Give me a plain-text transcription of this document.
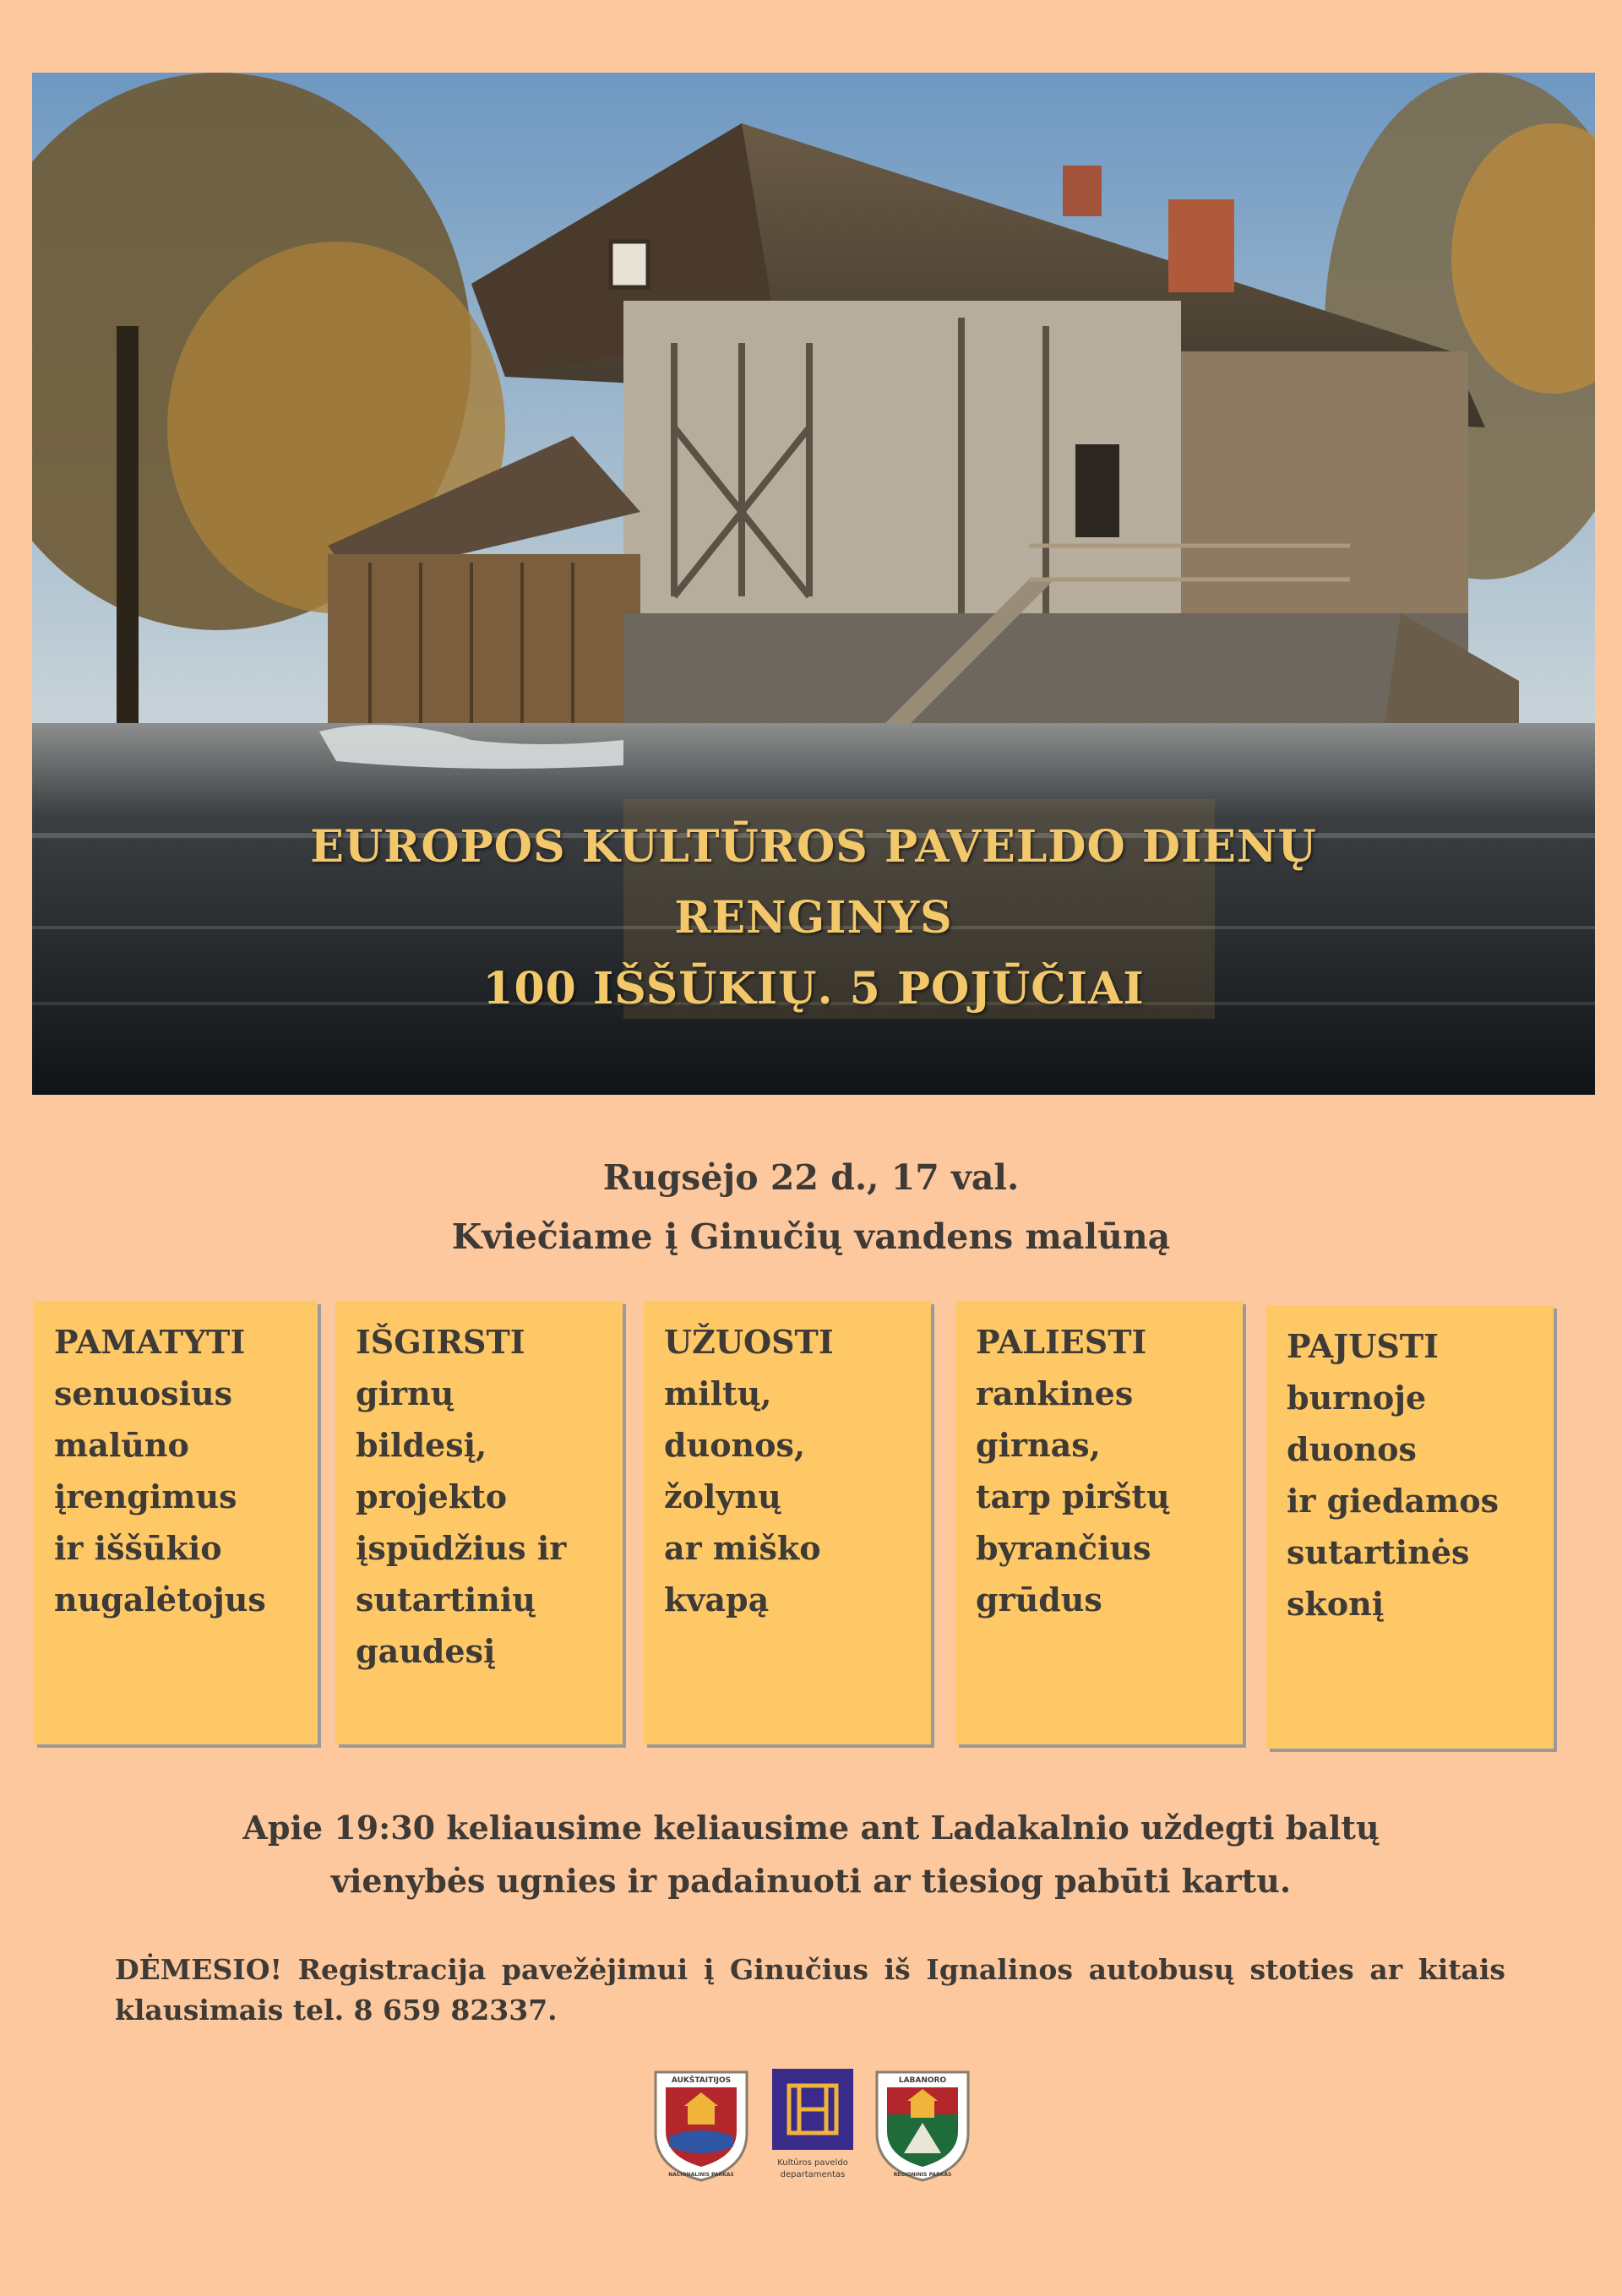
EUROPOS KULTŪROS PAVELDO DIENŲ
RENGINYS
100 IŠŠŪKIŲ. 5 POJŪČIAI
Rugsėjo 22 d., 17 val.
Kviečiame į Ginučių vandens malūną
PAMATYTI
senuosius
malūno
įrengimus
ir iššūkio
nugalėtojus
IŠGIRSTI
girnų
bildesį,
projekto
įspūdžius ir
sutartinių
gaudesį
UŽUOSTI
miltų,
duonos,
žolynų
ar miško
kvapą
PALIESTI
rankines
girnas,
tarp pirštų
byrančius
grūdus
PAJUSTI
burnoje
duonos
ir giedamos
sutartinės
skonį
Apie 19:30 keliausime keliausime ant Ladakalnio uždegti baltų
vienybės ugnies ir padainuoti ar tiesiog pabūti kartu.
DĖMESIO! Registracija pavežėjimui į Ginučius iš Ignalinos autobusų stoties ar kitais klausimais tel. 8 659 82337.
AUKŠTAITIJOS
NACIONALINIS PARKAS
Kultūros paveldo
departamentas
LABANORO
REGIONINIS PARKAS
